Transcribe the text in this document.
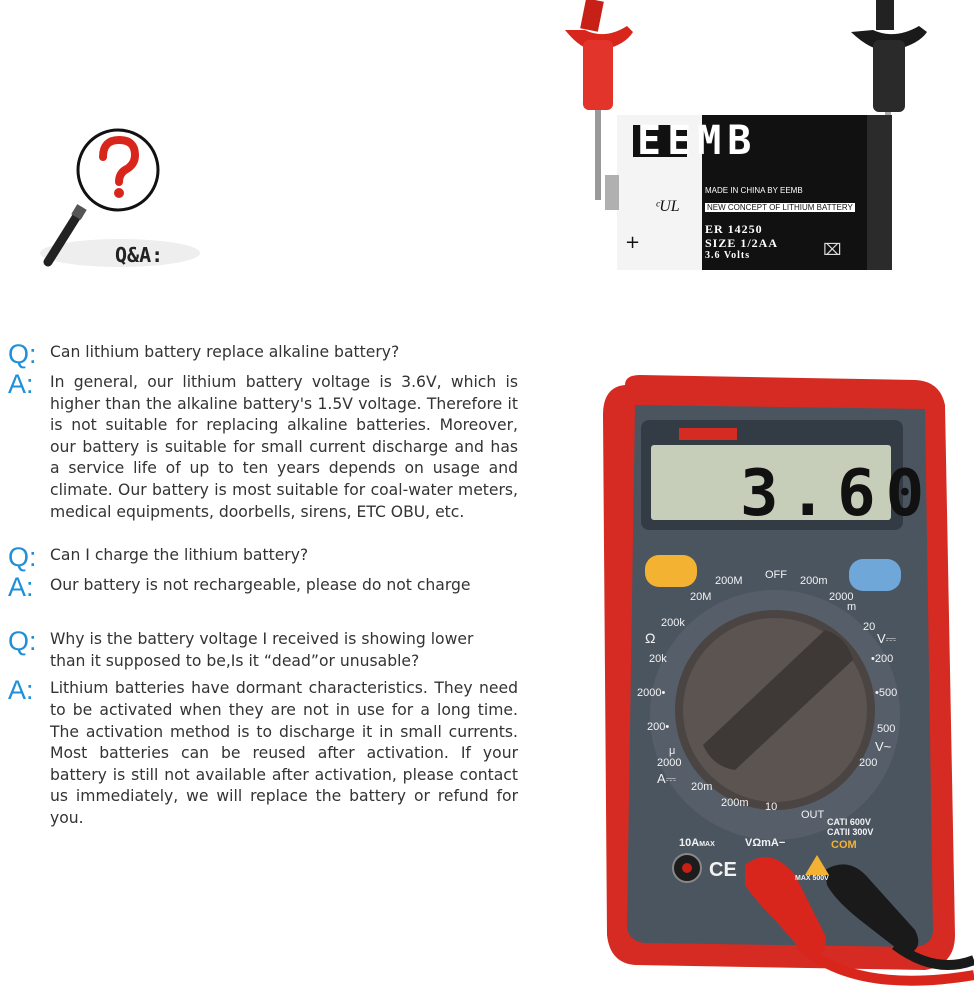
Q&A:
EEMB
MADE IN CHINA BY EEMB
ᶜUL	NEW CONCEPT OF LITHIUM BATTERY
ER 14250
SIZE 1/2AA
3.6 Volts
+	⌧
Q: Can lithium battery replace alkaline battery?
A:	In general, our lithium battery voltage is 3.6V, which is higher than the alkaline battery's 1.5V voltage. Therefore it is not suitable for replacing alkaline batteries. Moreover, our battery is suitable for small current discharge and has a service life of up to ten years depends on usage and climate. Our battery is most suitable for coal-water meters, medical equipments, doorbells, sirens, ETC OBU, etc.
Q: Can I charge the lithium battery?
A:	Our battery is not rechargeable, please do not charge
Q: Why is the battery voltage I received is showing lower than it supposed to be,Is it “dead”or unusable?
A:	Lithium batteries have dormant characteristics. They need to be activated when they are not in use for a long time. The activation method is to discharge it in small currents. Most batteries can be reused after activation. If your battery is still not available after activation, please contact us immediately, we will replace the battery or refund for you.
3.60
OFF
200M	200m
20M	2000
m
200k	20
Ω	V⎓
20k	•200
2000•	•500
200•	500
μ	V~
2000	200
A⎓
20m
200m 10
OUT
CATI 600V
CATII 300V
10AMAX	VΩmA−	COM
CE	MAX 500V
